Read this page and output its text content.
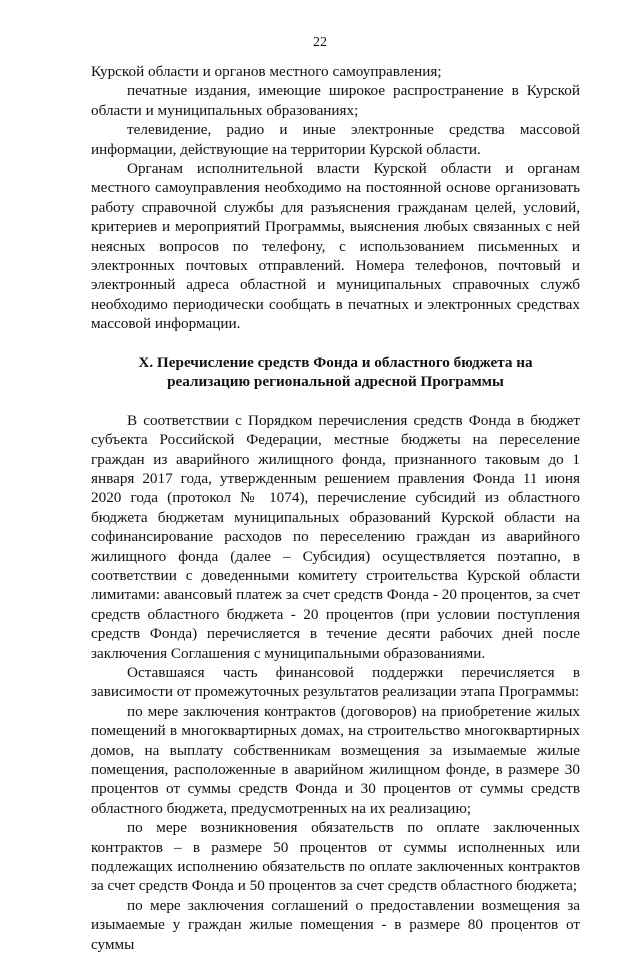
22

Курской области и органов местного самоуправления;

печатные издания, имеющие широкое распространение в Курской области и муниципальных образованиях;

телевидение, радио и иные электронные средства массовой информации, действующие на территории Курской области.

Органам исполнительной власти Курской области и органам местного самоуправления необходимо на постоянной основе организовать работу справочной службы для разъяснения гражданам целей, условий, критериев и мероприятий Программы, выяснения любых связанных с ней неясных вопросов по телефону, с использованием письменных и электронных почтовых отправлений. Номера телефонов, почтовый и электронный адреса областной и муниципальных справочных служб необходимо периодически сообщать в печатных и электронных средствах массовой информации.

X. Перечисление средств Фонда и областного бюджета на реализацию региональной адресной Программы

В соответствии с Порядком перечисления средств Фонда в бюджет субъекта Российской Федерации, местные бюджеты на переселение граждан из аварийного жилищного фонда, признанного таковым до 1 января 2017 года, утвержденным решением правления Фонда 11 июня 2020 года (протокол № 1074), перечисление субсидий из областного бюджета бюджетам муниципальных образований Курской области на софинансирование расходов по переселению граждан из аварийного жилищного фонда (далее – Субсидия) осуществляется поэтапно, в соответствии с доведенными комитету строительства Курской области лимитами: авансовый платеж за счет средств Фонда - 20 процентов, за счет средств областного бюджета - 20 процентов (при условии поступления средств Фонда) перечисляется в течение десяти рабочих дней после заключения Соглашения с муниципальными образованиями.

Оставшаяся часть финансовой поддержки перечисляется в зависимости от промежуточных результатов реализации этапа Программы:

по мере заключения контрактов (договоров) на приобретение жилых помещений в многоквартирных домах, на строительство многоквартирных домов, на выплату собственникам возмещения за изымаемые жилые помещения, расположенные в аварийном жилищном фонде, в размере 30 процентов от суммы средств Фонда и 30 процентов от суммы средств областного бюджета, предусмотренных на их реализацию;

по мере возникновения обязательств по оплате заключенных контрактов – в размере 50 процентов от суммы исполненных или подлежащих исполнению обязательств по оплате заключенных контрактов за счет средств Фонда и 50 процентов за счет средств областного бюджета;

по мере заключения соглашений о предоставлении возмещения за изымаемые у граждан жилые помещения - в размере 80 процентов от суммы
